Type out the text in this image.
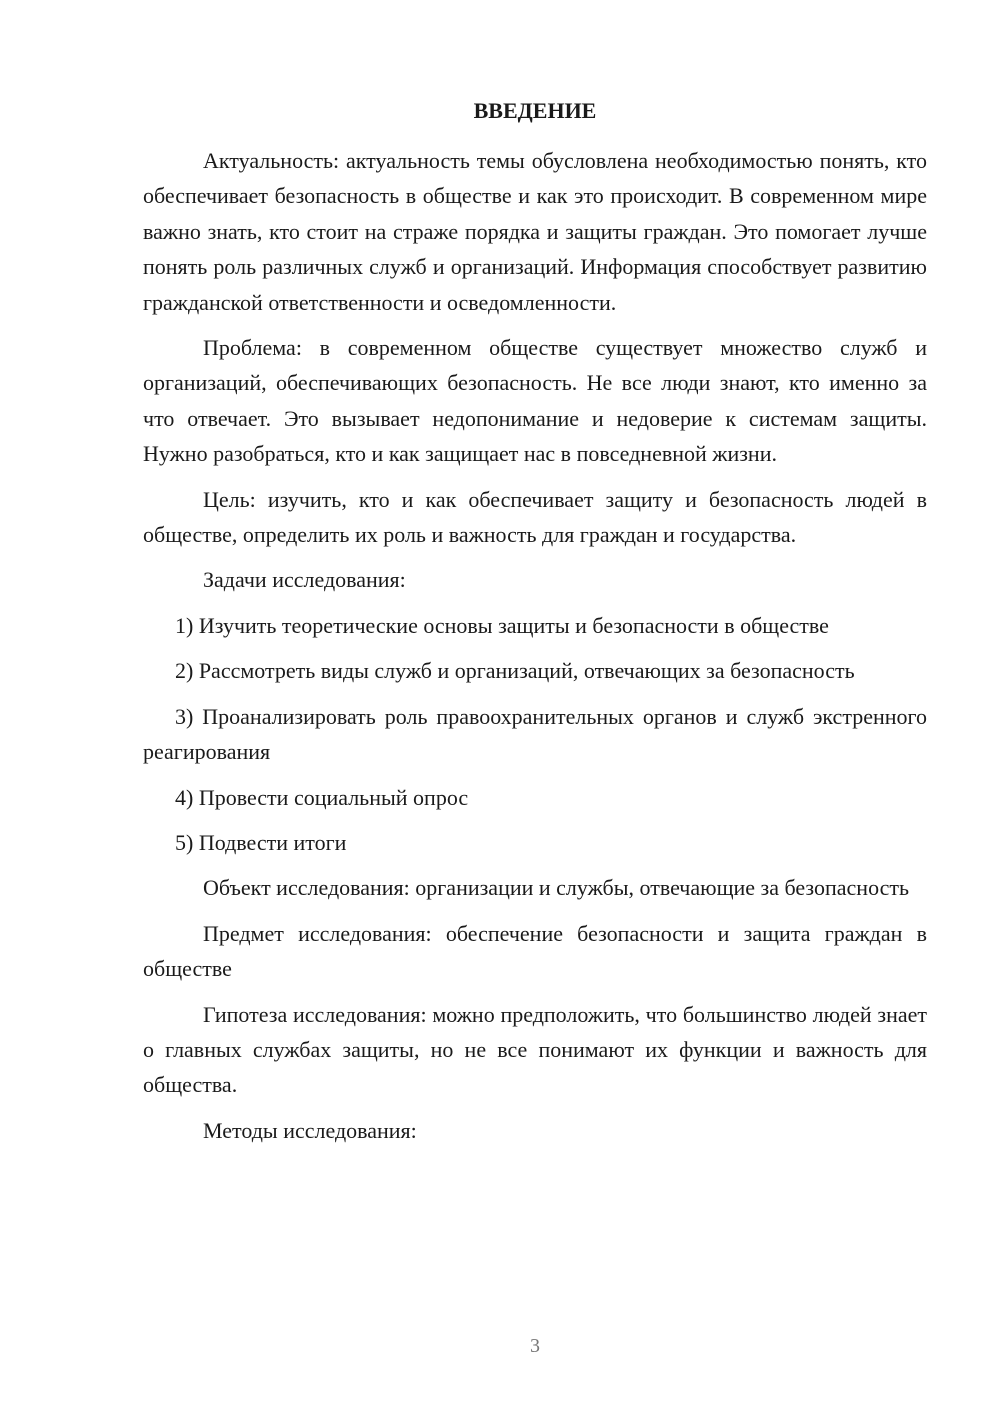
ВВЕДЕНИЕ

Актуальность: актуальность темы обусловлена необходимостью понять, кто обеспечивает безопасность в обществе и как это происходит. В современном мире важно знать, кто стоит на страже порядка и защиты граждан. Это помогает лучше понять роль различных служб и организаций. Информация способствует развитию гражданской ответственности и осведомленности.

Проблема: в современном обществе существует множество служб и организаций, обеспечивающих безопасность. Не все люди знают, кто именно за что отвечает. Это вызывает недопонимание и недоверие к системам защиты. Нужно разобраться, кто и как защищает нас в повседневной жизни.

Цель: изучить, кто и как обеспечивает защиту и безопасность людей в обществе, определить их роль и важность для граждан и государства.

Задачи исследования:

1) Изучить теоретические основы защиты и безопасности в обществе

2) Рассмотреть виды служб и организаций, отвечающих за безопасность

3) Проанализировать роль правоохранительных органов и служб экстренного реагирования

4) Провести социальный опрос

5) Подвести итоги

Объект исследования: организации и службы, отвечающие за безопасность

Предмет исследования: обеспечение безопасности и защита граждан в обществе

Гипотеза исследования: можно предположить, что большинство людей знает о главных службах защиты, но не все понимают их функции и важность для общества.

Методы исследования:

3
